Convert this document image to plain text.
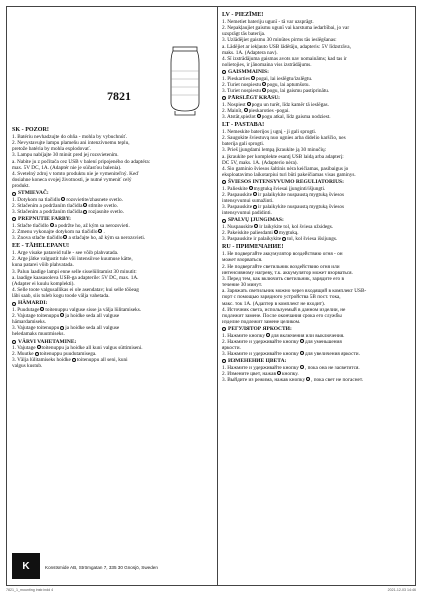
SK - POZOR!
1. Batériu nevhadzujte do ohňa - mohla by vybuchnúť.
2. Nevystavujte lampu plameňu ani intenzívnemu teplu,
pretože batéria by mohla explodovať.
3. Lampu nabíjajte 30 minút pred jej rozsvietením.
a. Nabite ju z počítača cez USB v balení pripojeného do adaptéra:
max. 5V DC, 1A. (Adaptér nie je súčasťou balenia).
4. Svetelný zdroj v tomto produktu nie je vymeniteľný. Keď
dosiahne koneca svojej životnosti, je nutné vymeniť celý
produkt.
STMIEVAČ:
1. Dotykom na tlačidlo rozsvietite/zhasnete svetlo.
2. Stlačením a podržaním tlačidla stlmíte svetlo.
3. Stlačením a podržaním tlačidla rozjasníte svetlo.
PREPNUTIE FARBY:
1. Stlačte tlačidlo a podržte ho, až kým sa nerozsvieti.
2. Zmenu vykonajte dotykom na tlačidlo .
3. Znova stlačte tlačidlo a stlačajte ho, až kým sa nerozsvieti.
EE - TÄHELEPANU!
1. Ärge visake patareid tulle - see võib plahvatada.
2. Ärge jätke valgustit tule või intensiivse kuumuse kätte,
kuna patarei võib plahvatada.
3. Palun laadige lampi enne selle sisselülitamist 30 minutit:
a. laadige kaasasoleva USB-ga adapterile: 5V DC, max. 1A.
(Adapter ei kuulu komplekti).
4. Selle toote valgusallikas ei ole asendatav; kui selle tööeag
läbi saab, siis tuleb kogu toode välja vahetada.
HÄMARDI:
1. Puudutage toitenuppu valguse sisse ja välja lülitamiseks.
2. Vajutage toitenuppu ja hoidke seda all valguse
hämardamiseks.
3. Vajutage toitenuppu ja hoidke seda all valguse
heledamaks muutmiseks.
VÄRVI VAHETAMINE:
1. Vajutage toitenuppu ja hoidke all kuni valgus süttimiseni.
2. Muutke toitenuppu puudutamisega.
3. Välja lülitamiseks hoidke toitenuppu all seni, kuni
valgus kustub.
7821
LV - PIEZĪME!
1. Nemetiet bateriju ugunī - tā var uzsprāgt.
2. Nepakļaujiet gaismu ugunī vai karstuma iedarbībai, jo var
uzsprāgt tās baterija.
3. Uzlādējiet gaismu 30 minūtes pirms tās ieslēgšanas:
a. Lādējiet ar iekļauto USB lādētāju, adapteris: 5V līdzstrāva,
maks. 1A. (Adaptera nav).
4. Šī izstrādājuma gaismas avots nav nomaināms; kad tas ir
nolietojies, ir jānomaina viss izstrādājums.
GAISMMAINIS:
1. Pieskarties pogai, lai ieslēgtu/izslēgtu.
2. Turiet nospiestu pogu, lai aptumšotu.
3. Turiet nospiestu pogu, lai gaismu pastiprinātu.
PĀRSLĒGT KRĀSU:
1. Nospiest pogu un turēt, līdz kamēr tā ieslēgas.
2. Mainīt, pieskaroties -pogai.
3. Atstāt,spiežot pogu atkal, līdz gaisma nodziest.
LT - PASTABA!
1. Nemeskite baterijos į ugnį - ji gali sprogti.
2. Saugokite šviestuvą nuo ugnies arba didelio karščio, nes
baterija gali sprogti.
3. Prieš įjungdami lempą įkraukite ją 30 minučių:
a. įkraukite per komplekte esantį USB laidą arba adapterį:
DC 5V, maks. 1A. (Adapterio nėra).
4. Šio gaminio šviesos šaltinis nėra keičiamas, pasibaigus jo
eksploatavimo laikotarpiui turi būti pakeičiamas visas gaminys.
ŠVIESOS INTENSYVUMO REGULIATORIUS:
1. Palieskite mygtuką šviesai įjunginti/išjungti.
2. Paspauskite ir palaikykite nuspaustą mygtuką šviesos
intensyvumui sumažinti.
3. Paspauskite ir palaikykite nuspaustą mygtuką šviesos
intensyvumui padidinti.
SPALVŲ ĮJUNGIMAS:
1. Nuspauskite ir laikykite tol, kol šviesa užsidegs.
2. Pakeiskite paliesdami mygtuką.
3. Paspauskite ir palaikykite tol, kol šviesa išsijungs.
RU - ПРИМЕЧАНИЕ!
1. Не подвергайте аккумулятор воздействию огня - он
может взорваться.
2. Не подвергайте светильник воздействию огня или
интенсивному нагреву, т.к. аккумулятор может взорваться.
3. Перед тем, как включить светильник, зарядите его в
течение 30 минут.
a. Заряжать светильник можно через входящий в комплект USB-
порт с помощью зарядного устройства 5В пост. тока,
макс. ток 1А. (Адаптер в комплект не входит).
4. Источник света, используемый в данном изделии, не
подлежит замене. После окончания срока его службы
изделие подлежит замене целиком.
РЕГУЛЯТОР ЯРКОСТИ:
1. Нажмите кнопку для включения или выключения.
2. Нажмите и удерживайте кнопку для уменьшения
яркости.
3. Нажмите и удерживайте кнопку для увеличения яркости.
ИЗМЕНЕНИЕ ЦВЕТА:
1. Нажмите и удерживайте кнопку , пока она не засветится.
2. Измените цвет, нажав кнопку.
3. Выйдите из режима, нажав кнопку , пока свет не погаснет.
K	Konstsmide AB, Strömgatan 7, 335 30 Gnosjö, Sweden
7821_1_mounting instr.indd 4	2021-12-03 14:46
